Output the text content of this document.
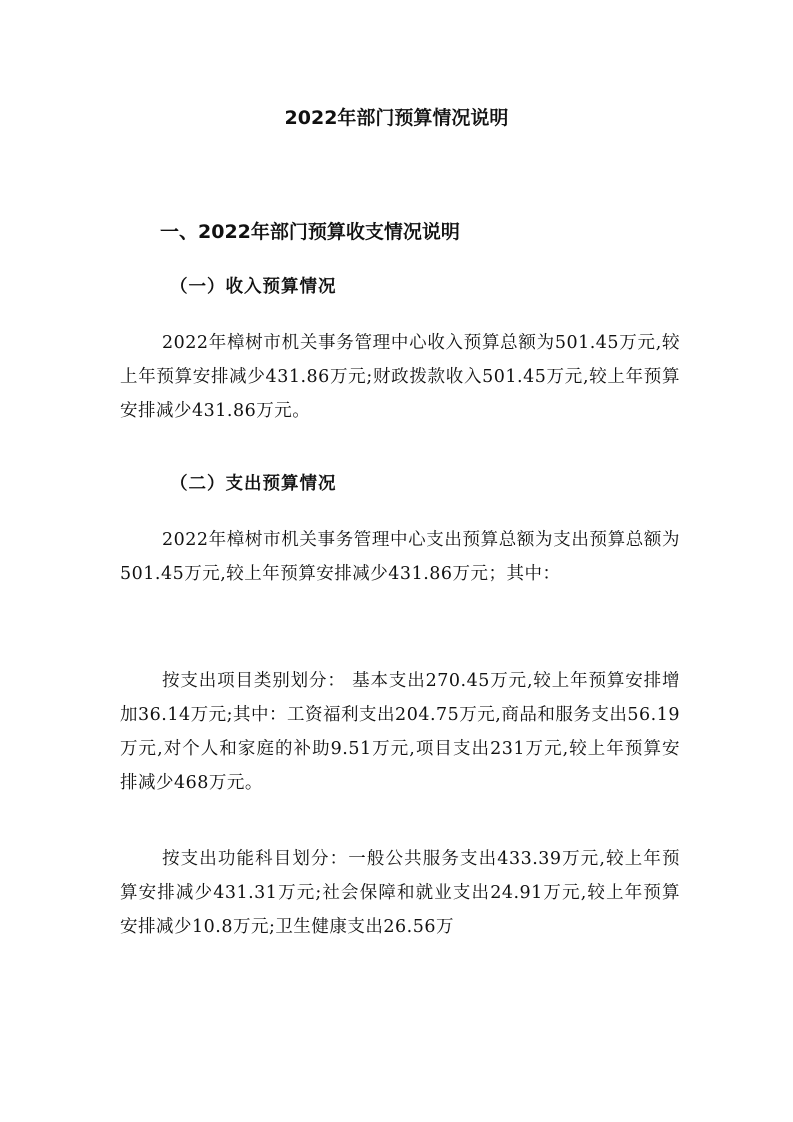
2022年部门预算情况说明
一、2022年部门预算收支情况说明
（一）收入预算情况

2022年樟树市机关事务管理中心收入预算总额为501.45万元,较上年预算安排减少431.86万元;财政拨款收入501.45万元,较上年预算安排减少431.86万元。

（二）支出预算情况

2022年樟树市机关事务管理中心支出预算总额为支出预算总额为501.45万元,较上年预算安排减少431.86万元；其中：

按支出项目类别划分： 基本支出270.45万元,较上年预算安排增加36.14万元;其中：工资福利支出204.75万元,商品和服务支出56.19万元,对个人和家庭的补助9.51万元,项目支出231万元,较上年预算安排减少468万元。

按支出功能科目划分：一般公共服务支出433.39万元,较上年预算安排减少431.31万元;社会保障和就业支出24.91万元,较上年预算安排减少10.8万元;卫生健康支出26.56万
